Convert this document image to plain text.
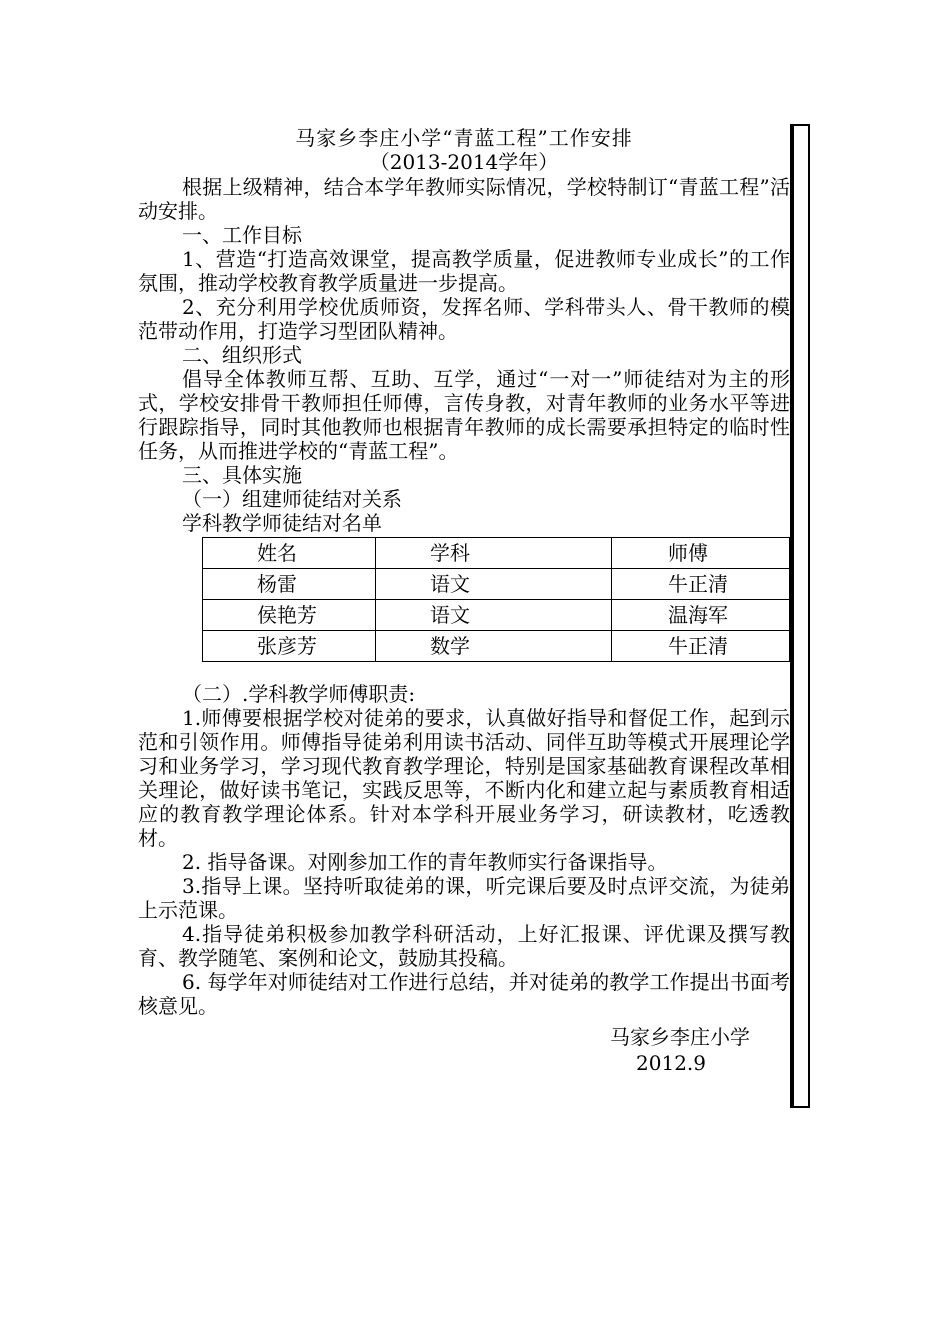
马家乡李庄小学“青蓝工程”工作安排
（2013-2014学年）

根据上级精神，结合本学年教师实际情况，学校特制订“青蓝工程”活动安排。

一、工作目标

1、营造“打造高效课堂，提高教学质量，促进教师专业成长”的工作氛围，推动学校教育教学质量进一步提高。

2、充分利用学校优质师资，发挥名师、学科带头人、骨干教师的模范带动作用，打造学习型团队精神。

二、组织形式

倡导全体教师互帮、互助、互学，通过“一对一”师徒结对为主的形式，学校安排骨干教师担任师傅，言传身教，对青年教师的业务水平等进行跟踪指导，同时其他教师也根据青年教师的成长需要承担特定的临时性任务，从而推进学校的“青蓝工程”。

三、具体实施

（一）组建师徒结对关系

学科教学师徒结对名单

姓名	学科	师傅
杨雷	语文	牛正清
侯艳芳	语文	温海军
张彦芳	数学	牛正清

（二）.学科教学师傅职责:

1.师傅要根据学校对徒弟的要求，认真做好指导和督促工作，起到示范和引领作用。师傅指导徒弟利用读书活动、同伴互助等模式开展理论学习和业务学习，学习现代教育教学理论，特别是国家基础教育课程改革相关理论，做好读书笔记，实践反思等，不断内化和建立起与素质教育相适应的教育教学理论体系。针对本学科开展业务学习，研读教材，吃透教材。

2. 指导备课。对刚参加工作的青年教师实行备课指导。

3.指导上课。坚持听取徒弟的课，听完课后要及时点评交流，为徒弟上示范课。

4.指导徒弟积极参加教学科研活动，上好汇报课、评优课及撰写教育、教学随笔、案例和论文，鼓励其投稿。

6. 每学年对师徒结对工作进行总结，并对徒弟的教学工作提出书面考核意见。

马家乡李庄小学
2012.9
